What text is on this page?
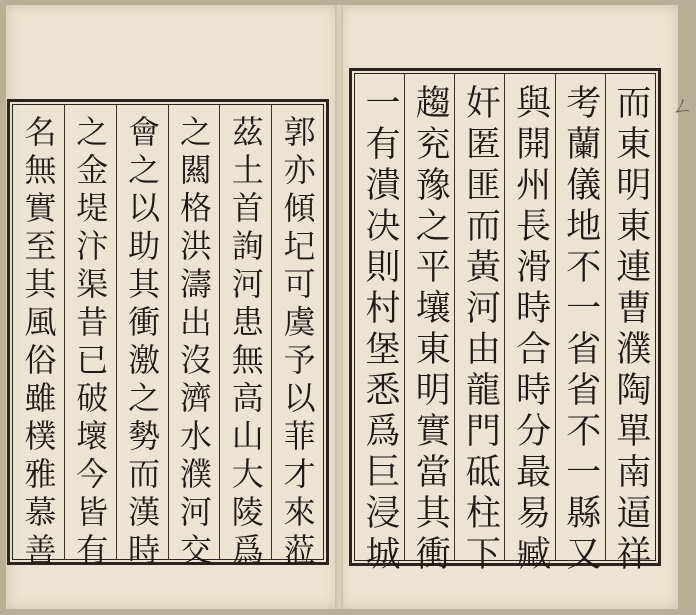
而東明東連曹濮陶單南逼祥
考蘭儀地不一省省不一縣又
與開州長滑時合時分最易臧
奸匿匪而黃河由龍門砥柱下
趨兖豫之平壤東明實當其衝
一有潰决則村堡悉爲巨浸城
郭亦傾圮可虞予以菲才來蒞
茲土首詢河患無高山大陵爲
之闗格洪濤出沒濟水濮河交
會之以助其衝激之勢而漢時
之金堤汴渠昔已破壞今皆有
名無實至其風俗雖樸雅慕善
ㄥ
